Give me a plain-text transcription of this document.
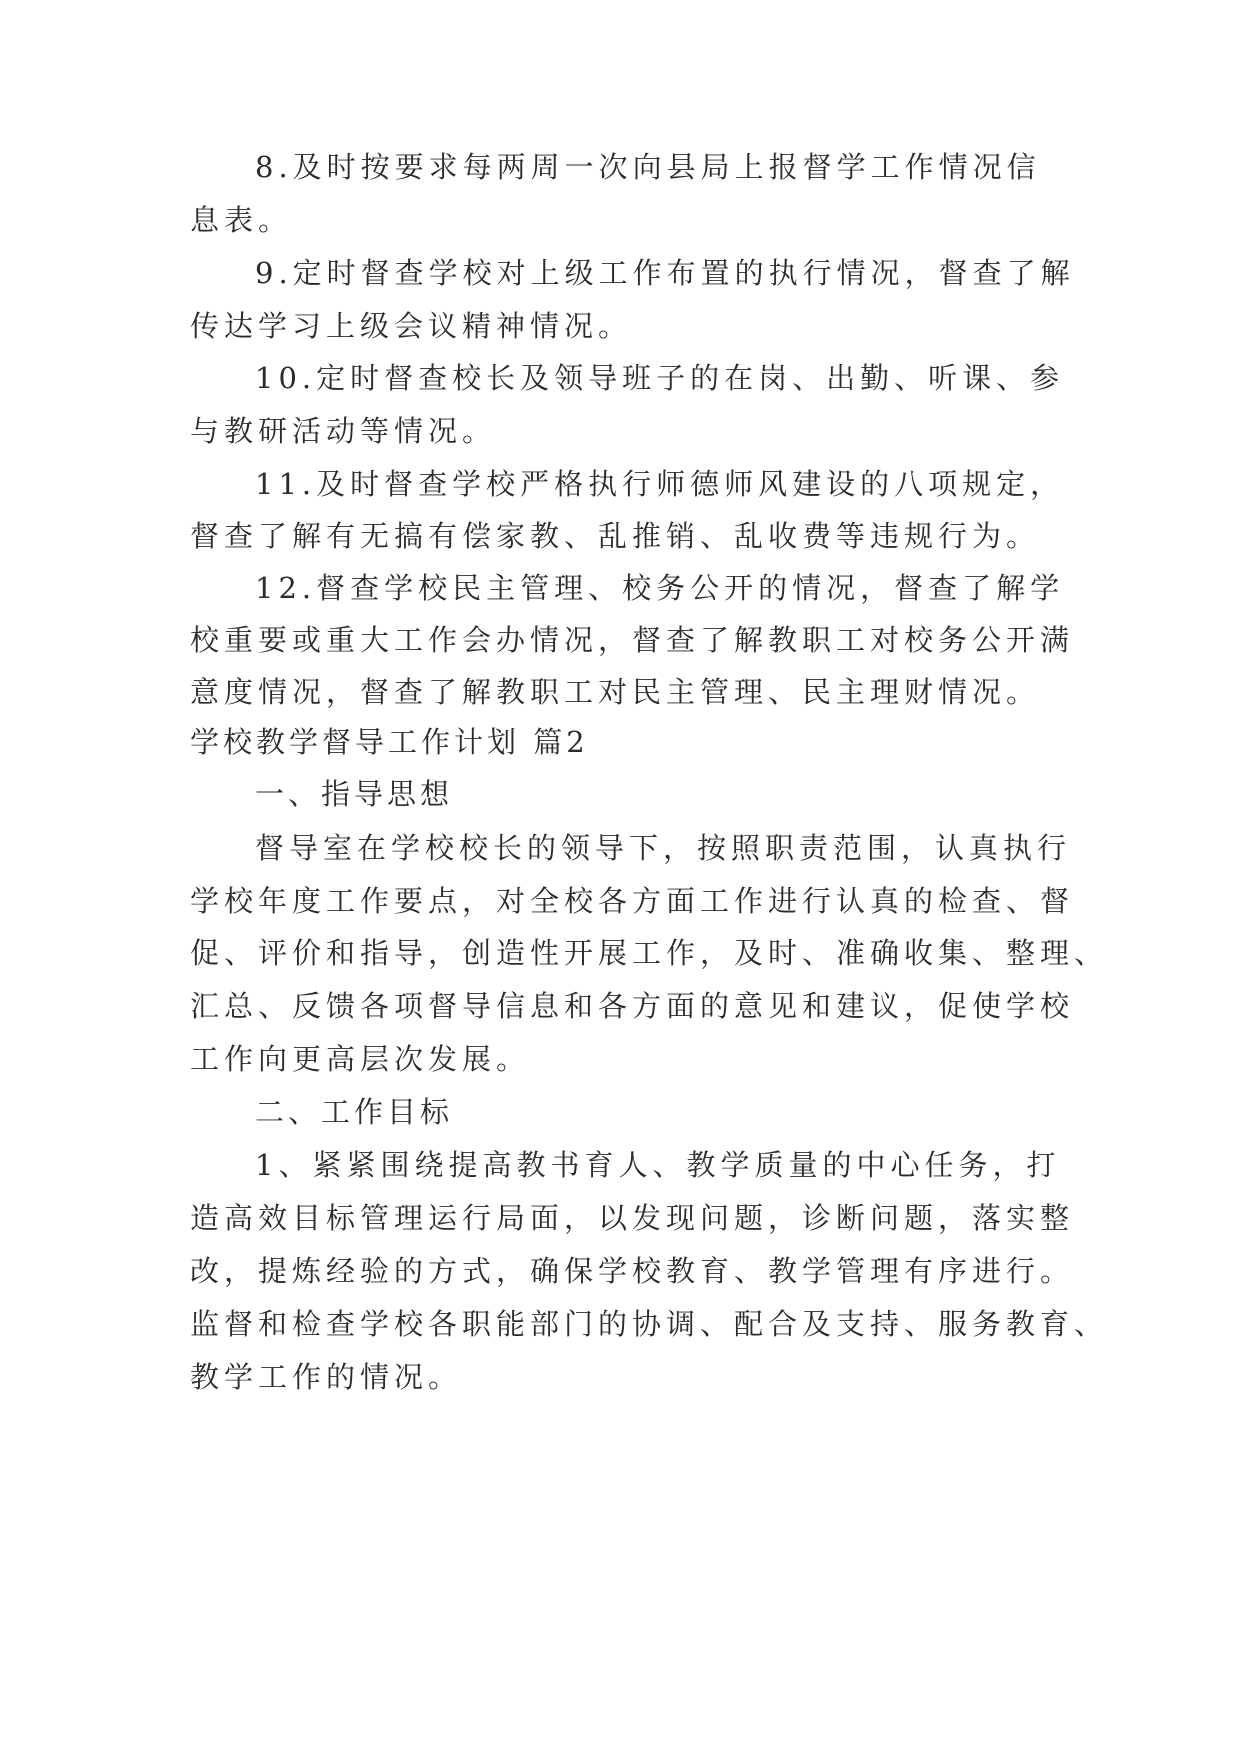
8.及时按要求每两周一次向县局上报督学工作情况信

息表。

9.定时督查学校对上级工作布置的执行情况，督查了解

传达学习上级会议精神情况。

10.定时督查校长及领导班子的在岗、出勤、听课、参

与教研活动等情况。

11.及时督查学校严格执行师德师风建设的八项规定，

督查了解有无搞有偿家教、乱推销、乱收费等违规行为。

12.督查学校民主管理、校务公开的情况，督查了解学

校重要或重大工作会办情况，督查了解教职工对校务公开满

意度情况，督查了解教职工对民主管理、民主理财情况。

学校教学督导工作计划 篇2

一、指导思想

督导室在学校校长的领导下，按照职责范围，认真执行

学校年度工作要点，对全校各方面工作进行认真的检查、督

促、评价和指导，创造性开展工作，及时、准确收集、整理、

汇总、反馈各项督导信息和各方面的意见和建议，促使学校

工作向更高层次发展。

二、工作目标

1、紧紧围绕提高教书育人、教学质量的中心任务，打

造高效目标管理运行局面，以发现问题，诊断问题，落实整

改，提炼经验的方式，确保学校教育、教学管理有序进行。

监督和检查学校各职能部门的协调、配合及支持、服务教育、

教学工作的情况。
